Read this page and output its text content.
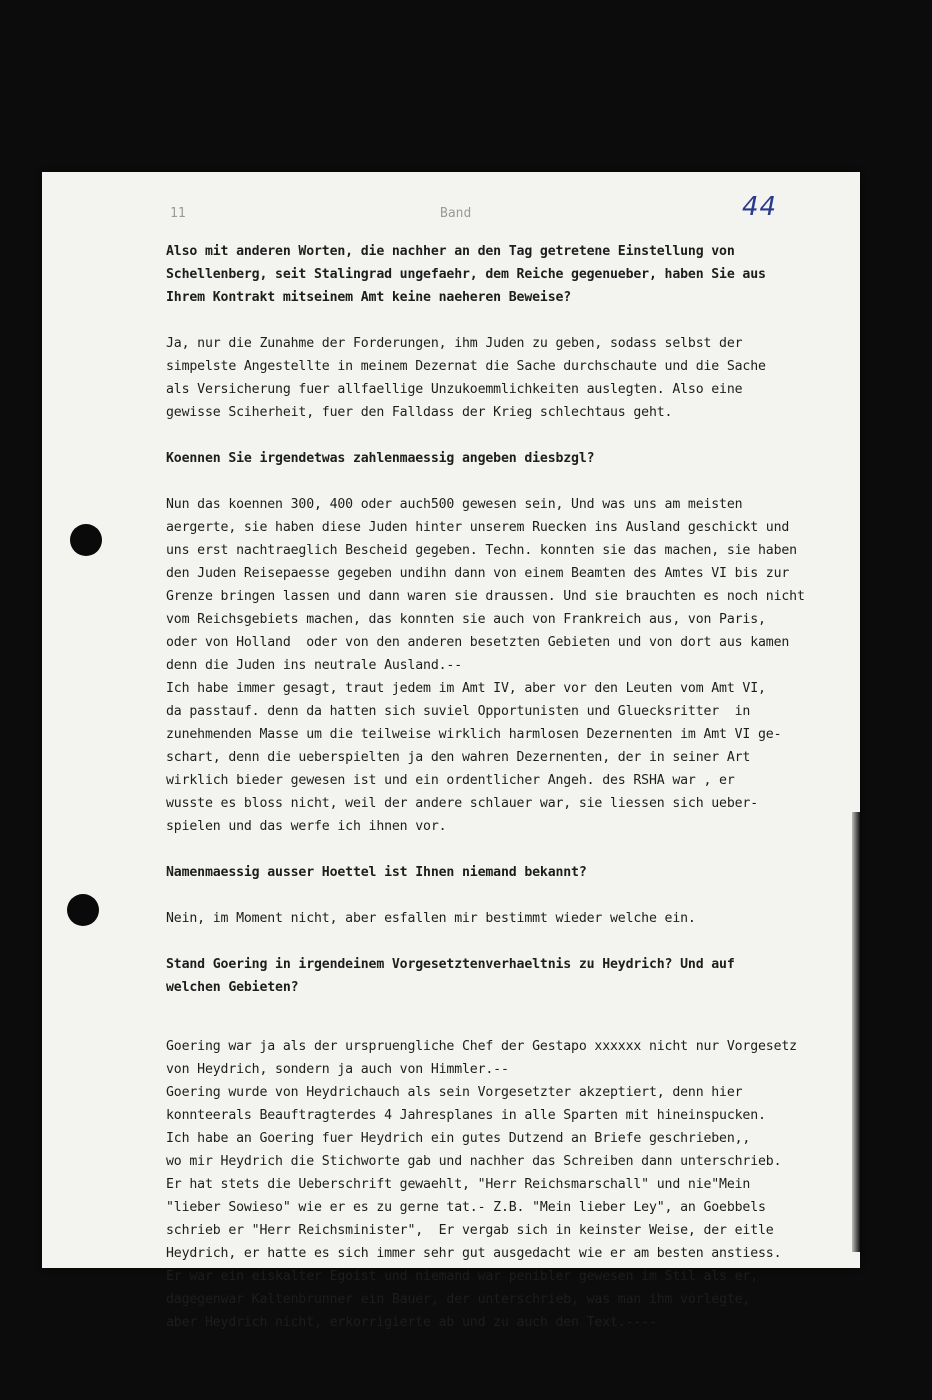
11	Band	44
Also mit anderen Worten, die nachher an den Tag getretene Einstellung von
Schellenberg, seit Stalingrad ungefaehr, dem Reiche gegenueber, haben Sie aus
Ihrem Kontrakt mitseinem Amt keine naeheren Beweise?
Ja, nur die Zunahme der Forderungen, ihm Juden zu geben, sodass selbst der
simpelste Angestellte in meinem Dezernat die Sache durchschaute und die Sache
als Versicherung fuer allfaellige Unzukoemmlichkeiten auslegten. Also eine
gewisse Sciherheit, fuer den Falldass der Krieg schlechtaus geht.
Koennen Sie irgendetwas zahlenmaessig angeben diesbzgl?
Nun das koennen 300, 400 oder auch500 gewesen sein, Und was uns am meisten
aergerte, sie haben diese Juden hinter unserem Ruecken ins Ausland geschickt und
uns erst nachtraeglich Bescheid gegeben. Techn. konnten sie das machen, sie haben
den Juden Reisepaesse gegeben undihn dann von einem Beamten des Amtes VI bis zur
Grenze bringen lassen und dann waren sie draussen. Und sie brauchten es noch nicht
vom Reichsgebiets machen, das konnten sie auch von Frankreich aus, von Paris,
oder von Holland  oder von den anderen besetzten Gebieten und von dort aus kamen
denn die Juden ins neutrale Ausland.--
Ich habe immer gesagt, traut jedem im Amt IV, aber vor den Leuten vom Amt VI,
da passtauf. denn da hatten sich suviel Opportunisten und Gluecksritter  in
zunehmenden Masse um die teilweise wirklich harmlosen Dezernenten im Amt VI ge-
schart, denn die ueberspielten ja den wahren Dezernenten, der in seiner Art
wirklich bieder gewesen ist und ein ordentlicher Angeh. des RSHA war , er
wusste es bloss nicht, weil der andere schlauer war, sie liessen sich ueber-
spielen und das werfe ich ihnen vor.
Namenmaessig ausser Hoettel ist Ihnen niemand bekannt?
Nein, im Moment nicht, aber esfallen mir bestimmt wieder welche ein.
Stand Goering in irgendeinem Vorgesetztenverhaeltnis zu Heydrich? Und auf
welchen Gebieten?
Goering war ja als der urspruengliche Chef der Gestapo xxxxxx nicht nur Vorgesetz
von Heydrich, sondern ja auch von Himmler.--
Goering wurde von Heydrichauch als sein Vorgesetzter akzeptiert, denn hier
konnteerals Beauftragterdes 4 Jahresplanes in alle Sparten mit hineinspucken.
Ich habe an Goering fuer Heydrich ein gutes Dutzend an Briefe geschrieben,,
wo mir Heydrich die Stichworte gab und nachher das Schreiben dann unterschrieb.
Er hat stets die Ueberschrift gewaehlt, "Herr Reichsmarschall" und nie"Mein
"lieber Sowieso" wie er es zu gerne tat.- Z.B. "Mein lieber Ley", an Goebbels
schrieb er "Herr Reichsminister",  Er vergab sich in keinster Weise, der eitle
Heydrich, er hatte es sich immer sehr gut ausgedacht wie er am besten anstiess.
Er war ein eiskalter Egoist und niemand war penibler gewesen im Stil als er,
dagegenwar Kaltenbrunner ein Bauer, der unterschrieb, was man ihm vorlegte,
aber Heydrich nicht, erkorrigierte ab und zu auch den Text.----
